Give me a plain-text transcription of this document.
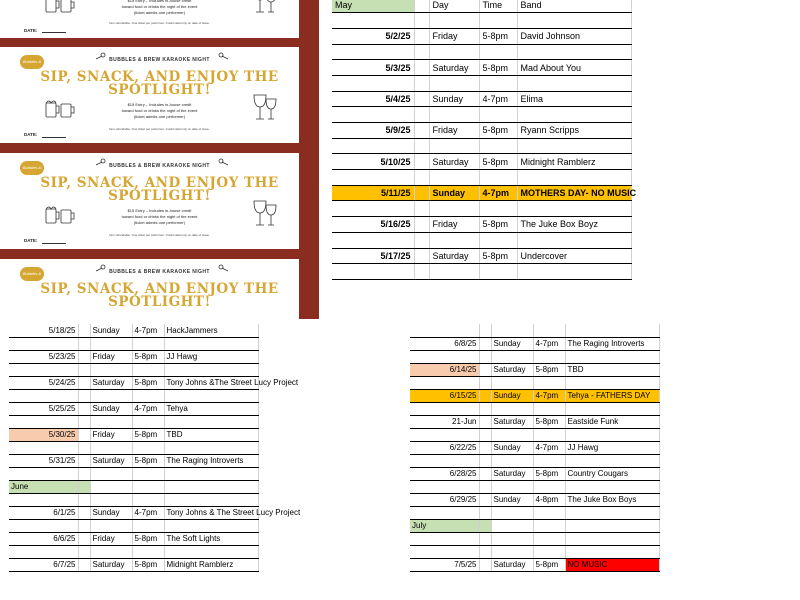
$15 Entry – Includes in-house credit
toward food or drinks the night of the event
(ticket admits one performer)
Non-refundable. One ticket per performer. Credit valid only on date of issue.
DATE:
Bubbles & Brew
BUBBLES & BREW KARAOKE NIGHT
SIP, SNACK, AND ENJOY THE
SPOTLIGHT!
$15 Entry – Includes in-house credit
toward food or drinks the night of the event
(ticket admits one performer)
Non-refundable. One ticket per performer. Credit valid only on date of issue.
DATE:
Bubbles & Brew
BUBBLES & BREW KARAOKE NIGHT
SIP, SNACK, AND ENJOY THE
SPOTLIGHT!
$15 Entry – Includes in-house credit
toward food or drinks the night of the event
(ticket admits one performer)
Non-refundable. One ticket per performer. Credit valid only on date of issue.
DATE:
Bubbles & Brew
BUBBLES & BREW KARAOKE NIGHT
SIP, SNACK, AND ENJOY THE
SPOTLIGHT!
May		Day	Time	Band

5/2/25		Friday	5-8pm	David Johnson

5/3/25		Saturday	5-8pm	Mad About You

5/4/25		Sunday	4-7pm	Elima

5/9/25		Friday	5-8pm	Ryann Scripps

5/10/25		Saturday	5-8pm	Midnight Ramblerz

5/11/25		Sunday	4-7pm	MOTHERS DAY- NO MUSIC

5/16/25		Friday	5-8pm	The Juke Box Boyz

5/17/25		Saturday	5-8pm	Undercover

5/18/25		Sunday	4-7pm	HackJammers

5/23/25		Friday	5-8pm	JJ Hawg

5/24/25		Saturday	5-8pm	Tony Johns &The Street Lucy Project

5/25/25		Sunday	4-7pm	Tehya

5/30/25		Friday	5-8pm	TBD

5/31/25		Saturday	5-8pm	The Raging Introverts

June				

6/1/25		Sunday	4-7pm	Tony Johns & The Street Lucy Project

6/6/25		Friday	5-8pm	The Soft Lights

6/7/25		Saturday	5-8pm	Midnight Ramblerz

6/8/25		Sunday	4-7pm	The Raging Introverts

6/14/25		Saturday	5-8pm	TBD

6/15/25		Sunday	4-7pm	Tehya - FATHERS DAY

21-Jun		Saturday	5-8pm	Eastside Funk

6/22/25		Sunday	4-7pm	JJ Hawg

6/28/25		Saturday	5-8pm	Country Cougars

6/29/25		Sunday	4-8pm	The Juke Box Boys

July				

7/5/25		Saturday	5-8pm	NO MUSIC
